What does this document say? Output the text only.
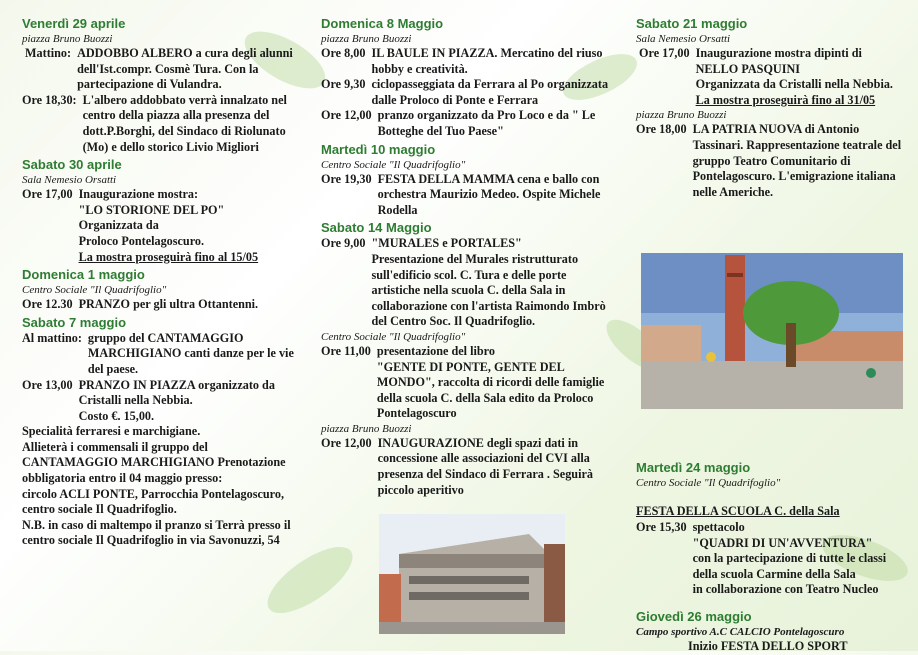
Venerdì 29 aprile
piazza Bruno Buozzi
Mattino: ADDOBBO ALBERO a cura degli alunni dell'Ist.compr. Cosmè Tura. Con la partecipazione di Vulandra.
Ore 18,30: L'albero addobbato verrà innalzato nel centro della piazza alla presenza del dott.P.Borghi, del Sindaco di Riolunato (Mo) e dello storico Livio Migliori
Sabato 30 aprile
Sala Nemesio Orsatti
Ore 17,00 Inaugurazione mostra:
"LO STORIONE DEL PO"
Organizzata da
Proloco Pontelagoscuro.
La mostra proseguirà fino al 15/05
Domenica 1 maggio
Centro Sociale "Il Quadrifoglio"
Ore 12.30 PRANZO per gli ultra Ottantenni.
Sabato 7 maggio
Al mattino: gruppo del CANTAMAGGIO MARCHIGIANO canti danze per le vie del paese.
Ore 13,00 PRANZO IN PIAZZA organizzato da Cristalli nella Nebbia.
Costo €. 15,00.
Specialità ferraresi e marchigiane.
Allieterà i commensali il gruppo del CANTAMAGGIO MARCHIGIANO Prenotazione obbligatoria entro il 04 maggio presso:
circolo ACLI PONTE, Parrocchia Pontelagoscuro, centro sociale Il Quadrifoglio.
N.B. in caso di maltempo il pranzo si Terrà presso il centro sociale Il Quadrifoglio in via Savonuzzi, 54
Domenica 8 Maggio
piazza Bruno Buozzi
Ore 8,00 IL BAULE IN PIAZZA. Mercatino del riuso hobby e creatività.
Ore 9,30 ciclopasseggiata da Ferrara al Po organizzata dalle Proloco di Ponte e Ferrara
Ore 12,00 pranzo organizzato da Pro Loco e da " Le Botteghe del Tuo Paese"
Martedì 10 maggio
Centro Sociale "Il Quadrifoglio"
Ore 19,30 FESTA DELLA MAMMA cena e ballo con orchestra Maurizio Medeo. Ospite Michele Rodella
Sabato 14 Maggio
Ore 9,00 "MURALES e PORTALES"
Presentazione del Murales ristrutturato sull'edificio scol. C. Tura e delle porte artistiche nella scuola C. della Sala in collaborazione con l'artista Raimondo Imbrò del Centro Soc. Il Quadrifoglio.
Centro Sociale "Il Quadrifoglio"
Ore 11,00 presentazione del libro
"GENTE DI PONTE, GENTE DEL MONDO", raccolta di ricordi delle famiglie della scuola C. della Sala edito da Proloco Pontelagoscuro
piazza Bruno Buozzi
Ore 12,00 INAUGURAZIONE degli spazi dati in concessione alle associazioni del CVI alla presenza del Sindaco di Ferrara . Seguirà piccolo aperitivo
Sabato 21 maggio
Sala Nemesio Orsatti
Ore 17,00 Inaugurazione mostra dipinti di NELLO PASQUINI
Organizzata da Cristalli nella Nebbia.
La mostra proseguirà fino al 31/05
piazza Bruno Buozzi
Ore 18,00 LA PATRIA NUOVA di Antonio Tassinari. Rappresentazione teatrale del gruppo Teatro Comunitario di Pontelagoscuro. L'emigrazione italiana nelle Americhe.
Martedì 24 maggio
Centro Sociale "Il Quadrifoglio"
FESTA DELLA SCUOLA C. della Sala
Ore 15,30 spettacolo
"QUADRI DI UN'AVVENTURA"
con la partecipazione di tutte le classi della scuola Carmine della Sala
in collaborazione con Teatro Nucleo
Giovedì 26 maggio
Campo sportivo A.C CALCIO Pontelagoscuro
Inizio FESTA DELLO SPORT
